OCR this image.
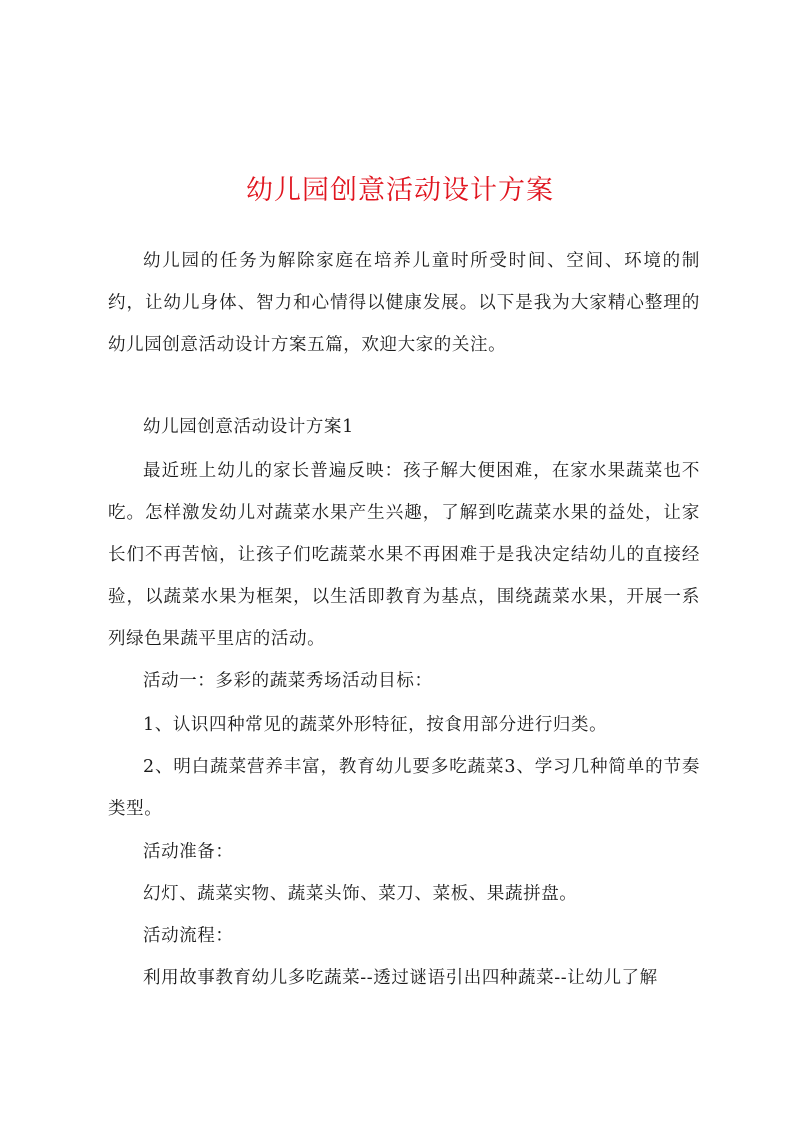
幼儿园创意活动设计方案

幼儿园的任务为解除家庭在培养儿童时所受时间、空间、环境的制约，让幼儿身体、智力和心情得以健康发展。以下是我为大家精心整理的幼儿园创意活动设计方案五篇，欢迎大家的关注。

幼儿园创意活动设计方案1

最近班上幼儿的家长普遍反映：孩子解大便困难，在家水果蔬菜也不吃。怎样激发幼儿对蔬菜水果产生兴趣，了解到吃蔬菜水果的益处，让家长们不再苦恼，让孩子们吃蔬菜水果不再困难于是我决定结幼儿的直接经验，以蔬菜水果为框架，以生活即教育为基点，围绕蔬菜水果，开展一系列绿色果蔬平里店的活动。

活动一：多彩的蔬菜秀场活动目标：

1、认识四种常见的蔬菜外形特征，按食用部分进行归类。

2、明白蔬菜营养丰富，教育幼儿要多吃蔬菜3、学习几种简单的节奏类型。

活动准备：

幻灯、蔬菜实物、蔬菜头饰、菜刀、菜板、果蔬拼盘。

活动流程：

利用故事教育幼儿多吃蔬菜--透过谜语引出四种蔬菜--让幼儿了解
